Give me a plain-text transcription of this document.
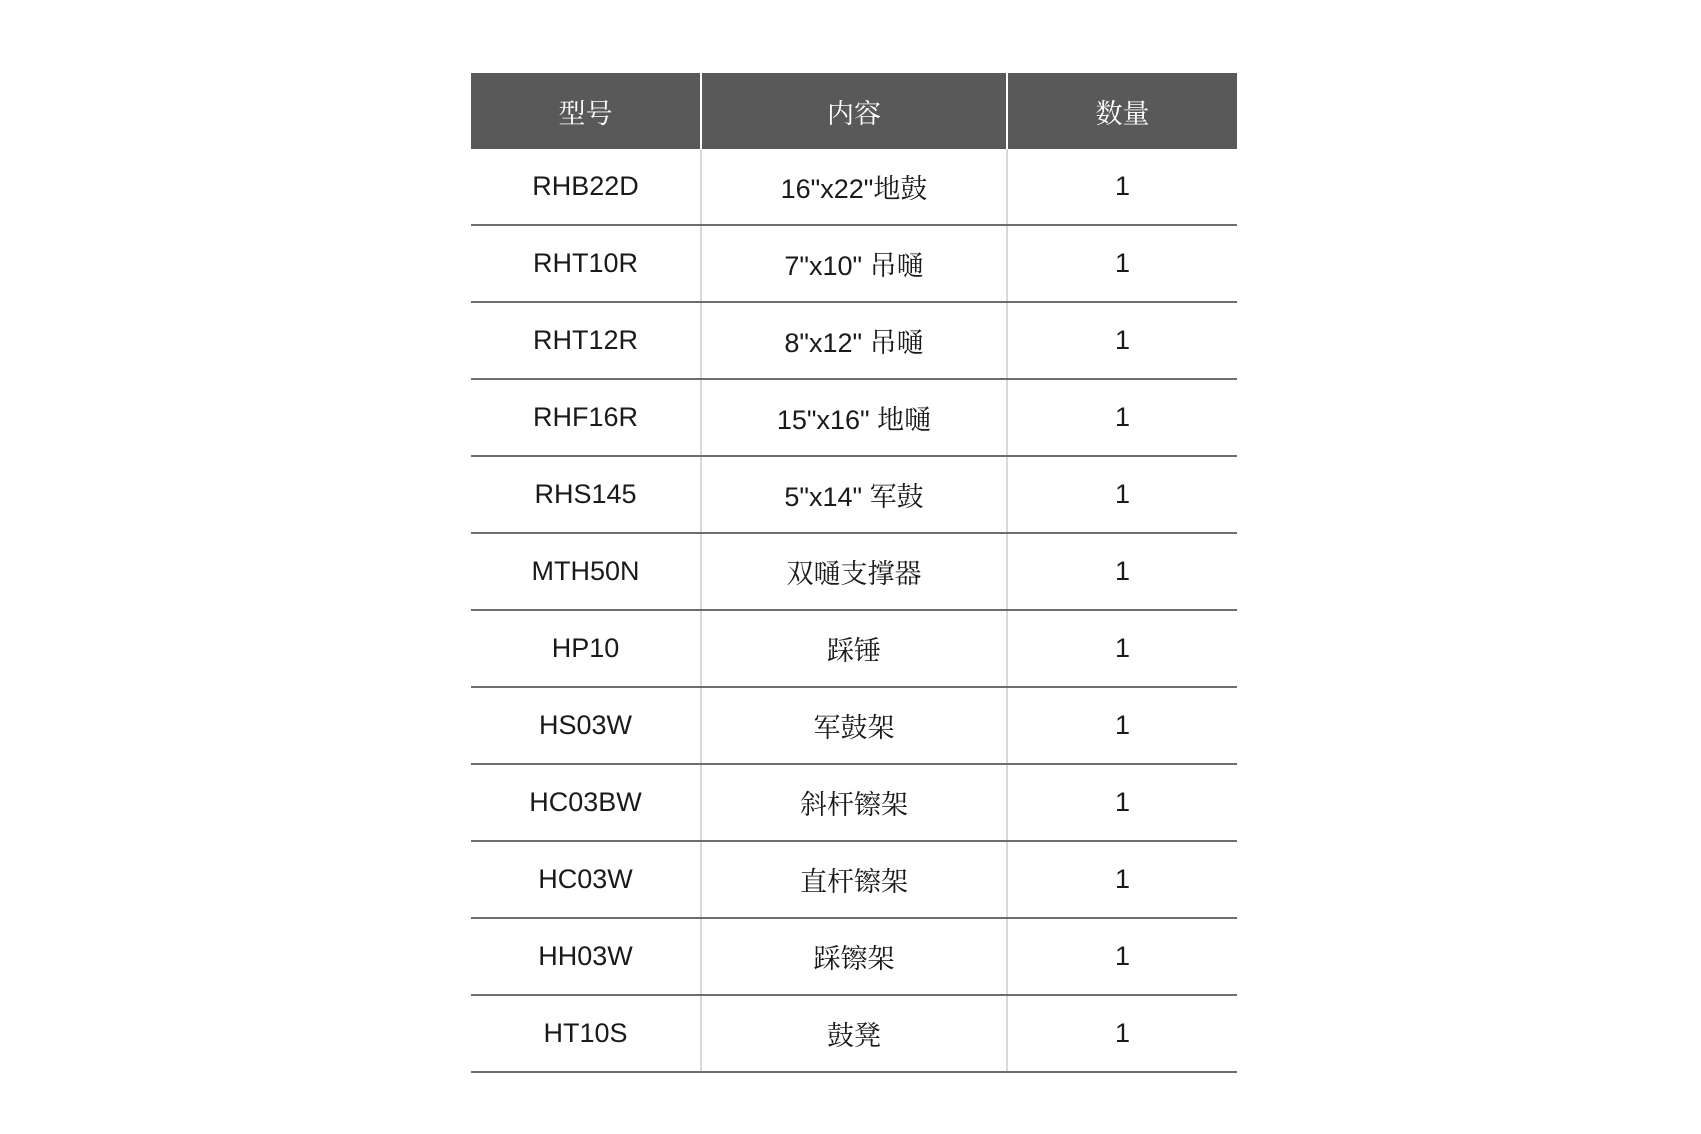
型号	内容	数量
RHB22D	16"x22"地鼓	1
RHT10R	7"x10" 吊嗵	1
RHT12R	8"x12" 吊嗵	1
RHF16R	15"x16" 地嗵	1
RHS145	5"x14" 军鼓	1
MTH50N	双嗵支撑器	1
HP10	踩锤	1
HS03W	军鼓架	1
HC03BW	斜杆镲架	1
HC03W	直杆镲架	1
HH03W	踩镲架	1
HT10S	鼓凳	1
